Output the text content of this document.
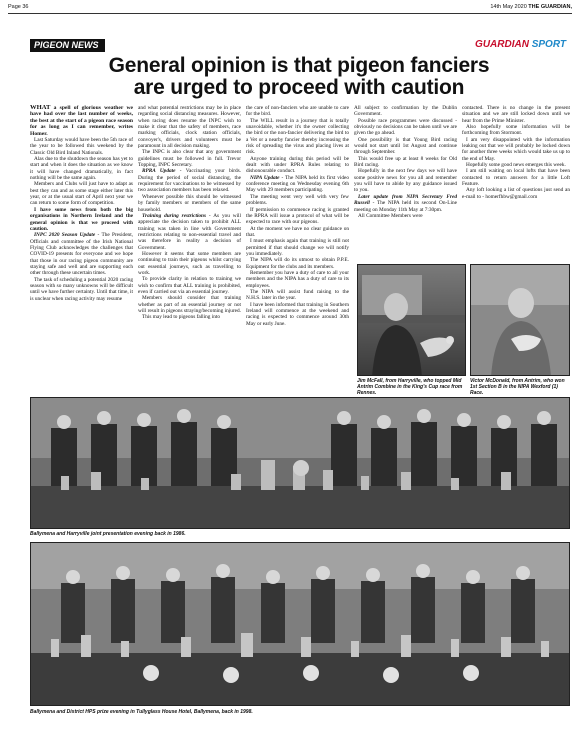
Page 36	14th May 2020 THE GUARDIAN,
PIGEON NEWS	GUARDIAN SPORT
General opinion is that pigeon fanciers
are urged to proceed with caution

WHAT a spell of glorious weather we have had over the last number of weeks, the best at the start of a pigeon race season for as long as I can remember, writes Homer.

Last Saturday would have been the 5th race of the year to be followed this weekend by the Classic Old Bird Inland Nationals.

Alas due to the shutdown the season has yet to start and when it does the situation as we know it will have changed dramatically, in fact nothing will be the same again.

Members and Clubs will just have to adapt as best they can and as some stage either later this year, or at the usual start of April next year we can return to some form of competition.

I have some news from both the big organisations in Northern Ireland and the general opinion is that we proceed with caution.

INPC 2020 Season Update - The President, Officials and committee of the Irish National Flying Club acknowledges the challenges that COVID-19 presents for everyone and we hope that those in our racing pigeon community are staying safe and well and are supporting each other through these uncertain times.

The task of scheduling a potential 2020 racing season with so many unknowns will be difficult until we have further certainty. Until that time, it is unclear when racing activity may resume

and what potential restrictions may be in place regarding social distancing measures. However, when racing does resume the INPC wish to make it clear that the safety of members, race marking officials, clock station officials, convoyer's, drivers and volunteers must be paramount in all decision making.

The INPC is also clear that any government guidelines must be followed in full. Trevor Topping, INPC Secretary.

RPRA Update - Vaccinating your birds. During the period of social distancing, the requirement for vaccinations to be witnessed by two association members has been relaxed.

Whenever possible this should be witnessed by family members or members of the same household.

Training during restrictions - As you will appreciate the decision taken to prohibit ALL training was taken in line with Government restrictions relating to non-essential travel and was therefore in reality a decision of Government.

However it seems that some members are continuing to train their pigeons whilst carrying out essential journeys, such as travelling to work.

To provide clarity in relation to training we wish to confirm that ALL training is prohibited, even if carried out via an essential journey.

Members should consider that training whether as part of an essential journey or not will result in pigeons straying/becoming injured.

This may lead to pigeons falling into

the care of non-fanciers who are unable to care for the bird.

The WILL result in a journey that is totally unavoidable, whether it's the owner collecting the bird or the non-fancier delivering the bird to a Vet or a nearby fancier thereby increasing the risk of spreading the virus and placing lives at risk.

Anyone training during this period will be dealt with under RPRA Rules relating to dishonourable conduct.

NIPA Update - The NIPA held its first video conference meeting on Wednesday evening 6th May with 29 members participating.

The meeting went very well with very few problems.

If permission to commence racing is granted the RPRA will issue a protocol of what will be expected to race with our pigeons.

At the moment we have no clear guidance on that.

I must emphasis again that training is still not permitted if that should change we will notify you immediately.

The NIPA will do its utmost to obtain P.P.E. Equipment for the clubs and its members.

Remember you have a duty of care to all your members and the NIPA has a duty of care to its employees.

The NIPA will assist fund raising to the N.H.S. later in the year.

I have been informed that training in Southern Ireland will commence at the weekend and racing is expected to commence around 30th May or early June.

All subject to confirmation by the Dublin Government.

Possible race programmes were discussed - obviously no decisions can be taken until we are given the go ahead.

One possibility is that Young Bird racing would not start until 1st August and continue through September.

This would free up at least 8 weeks for Old Bird racing.

Hopefully in the next few days we will have some positive news for you all and remember you will have to abide by any guidance issued to you.

Later update from NIPA Secretary Fred Russell - The NIPA held its second On-Line meeting on Monday 11th May at 7:30pm.

All Committee Members were

contacted. There is no change in the present situation and we are still locked down until we hear from the Prime Minister.

Also hopefully some information will be forthcoming from Stormont.

I am very disappointed with the information leaking out that we will probably be locked down for another three weeks which would take us up to the end of May.

Hopefully some good news emerges this week.

I am still waiting on local lofts that have been contacted to return answers for a little Loft Feature.

Any loft looking a list of questions just send an e-mail to - homerfhbw@gmail.com

Jim McFall, from Harryville, who topped Mid Antrim Combine in the King's Cup race from Rennes.
Victor McDonald, from Antrim, who won 1st Section B in the NIPA Wexford (1) Race.
Ballymena and Harryville joint presentation evening back in 1986.
Ballymena and District HPS prize evening in Tullyglass House Hotel, Ballymena, back in 1998.
